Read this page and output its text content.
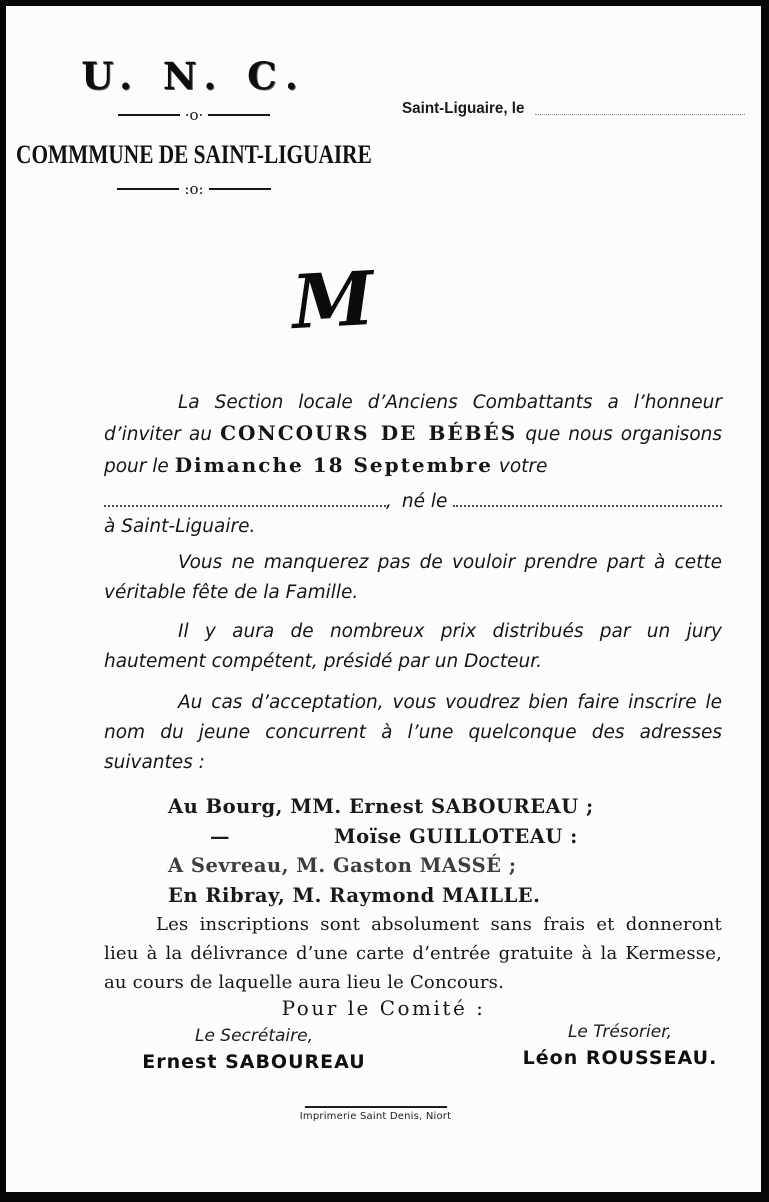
U. N. C.
·o·
COMMMUNE DE SAINT-LIGUAIRE
:o:
Saint-Liguaire, le
M

La Section locale d’Anciens Combattants a l’honneur d’inviter au CONCOURS DE BÉBÉS que nous organisons pour le Dimanche 18 Septembre votre

, né le

à Saint-Liguaire.

Vous ne manquerez pas de vouloir prendre part à cette véritable fête de la Famille.

Il y aura de nombreux prix distribués par un jury hautement compétent, présidé par un Docteur.

Au cas d’acceptation, vous voudrez bien faire inscrire le nom du jeune concurrent à l’une quelconque des adresses suivantes :

Au Bourg, MM. Ernest SABOUREAU ;
—	Moïse GUILLOTEAU :
A Sevreau, M. Gaston MASSÉ ;
En Ribray, M. Raymond MAILLE.

Les inscriptions sont absolument sans frais et donneront lieu à la délivrance d’une carte d’entrée gratuite à la Kermesse, au cours de laquelle aura lieu le Concours.

Pour le Comité :
Le Secrétaire,
Ernest SABOUREAU
Le Trésorier,
Léon ROUSSEAU.
Imprimerie Saint Denis, Niort
